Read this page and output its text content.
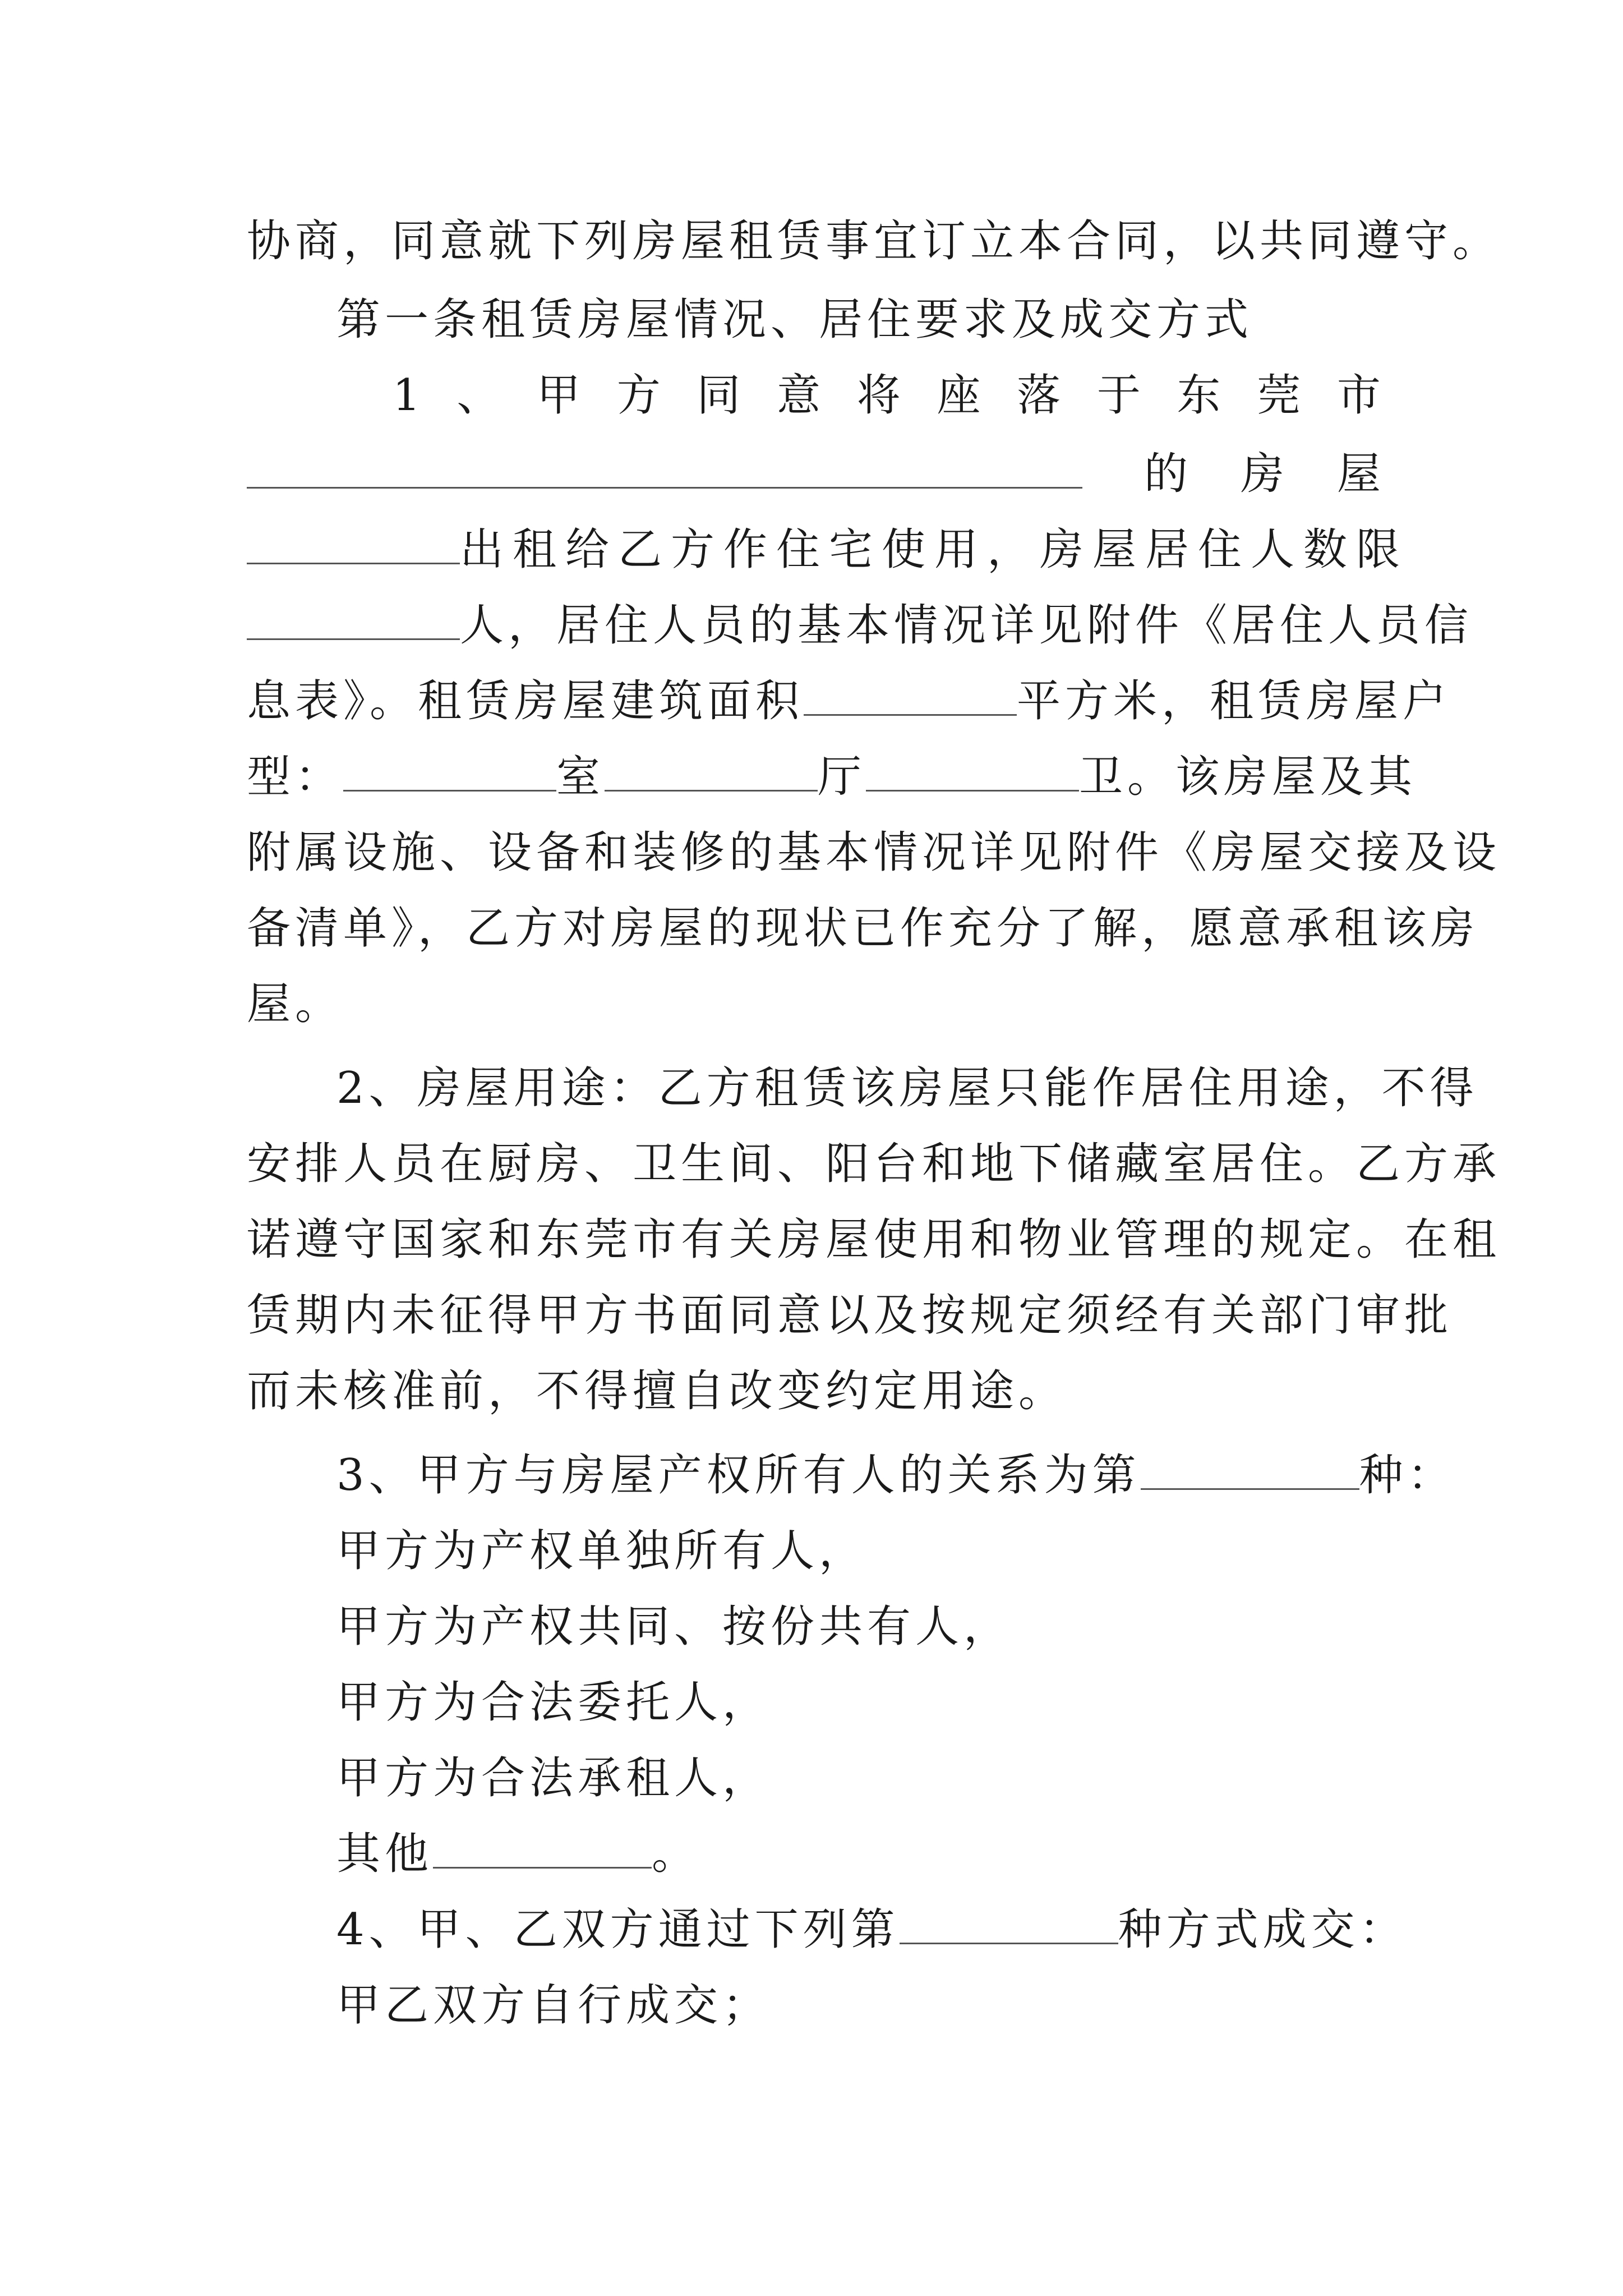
协商，同意就下列房屋租赁事宜订立本合同，以共同遵守。
第一条租赁房屋情况、居住要求及成交方式
1 、 甲 方 同 意 将 座 落 于 东 莞 市
的 房 屋
出租给乙方作住宅使用，房屋居住人数限
人，居住人员的基本情况详见附件《居住人员信
息表》。租赁房屋建筑面积	平方米，租赁房屋户
型：	室	厅	卫。该房屋及其
附属设施、设备和装修的基本情况详见附件《房屋交接及设
备清单》，乙方对房屋的现状已作充分了解，愿意承租该房
屋。
2、房屋用途：乙方租赁该房屋只能作居住用途，不得
安排人员在厨房、卫生间、阳台和地下储藏室居住。乙方承
诺遵守国家和东莞市有关房屋使用和物业管理的规定。在租
赁期内未征得甲方书面同意以及按规定须经有关部门审批
而未核准前，不得擅自改变约定用途。
3、甲方与房屋产权所有人的关系为第	种：
甲方为产权单独所有人，
甲方为产权共同、按份共有人，
甲方为合法委托人，
甲方为合法承租人，
其他	。
4、甲、乙双方通过下列第	种方式成交：
甲乙双方自行成交；
